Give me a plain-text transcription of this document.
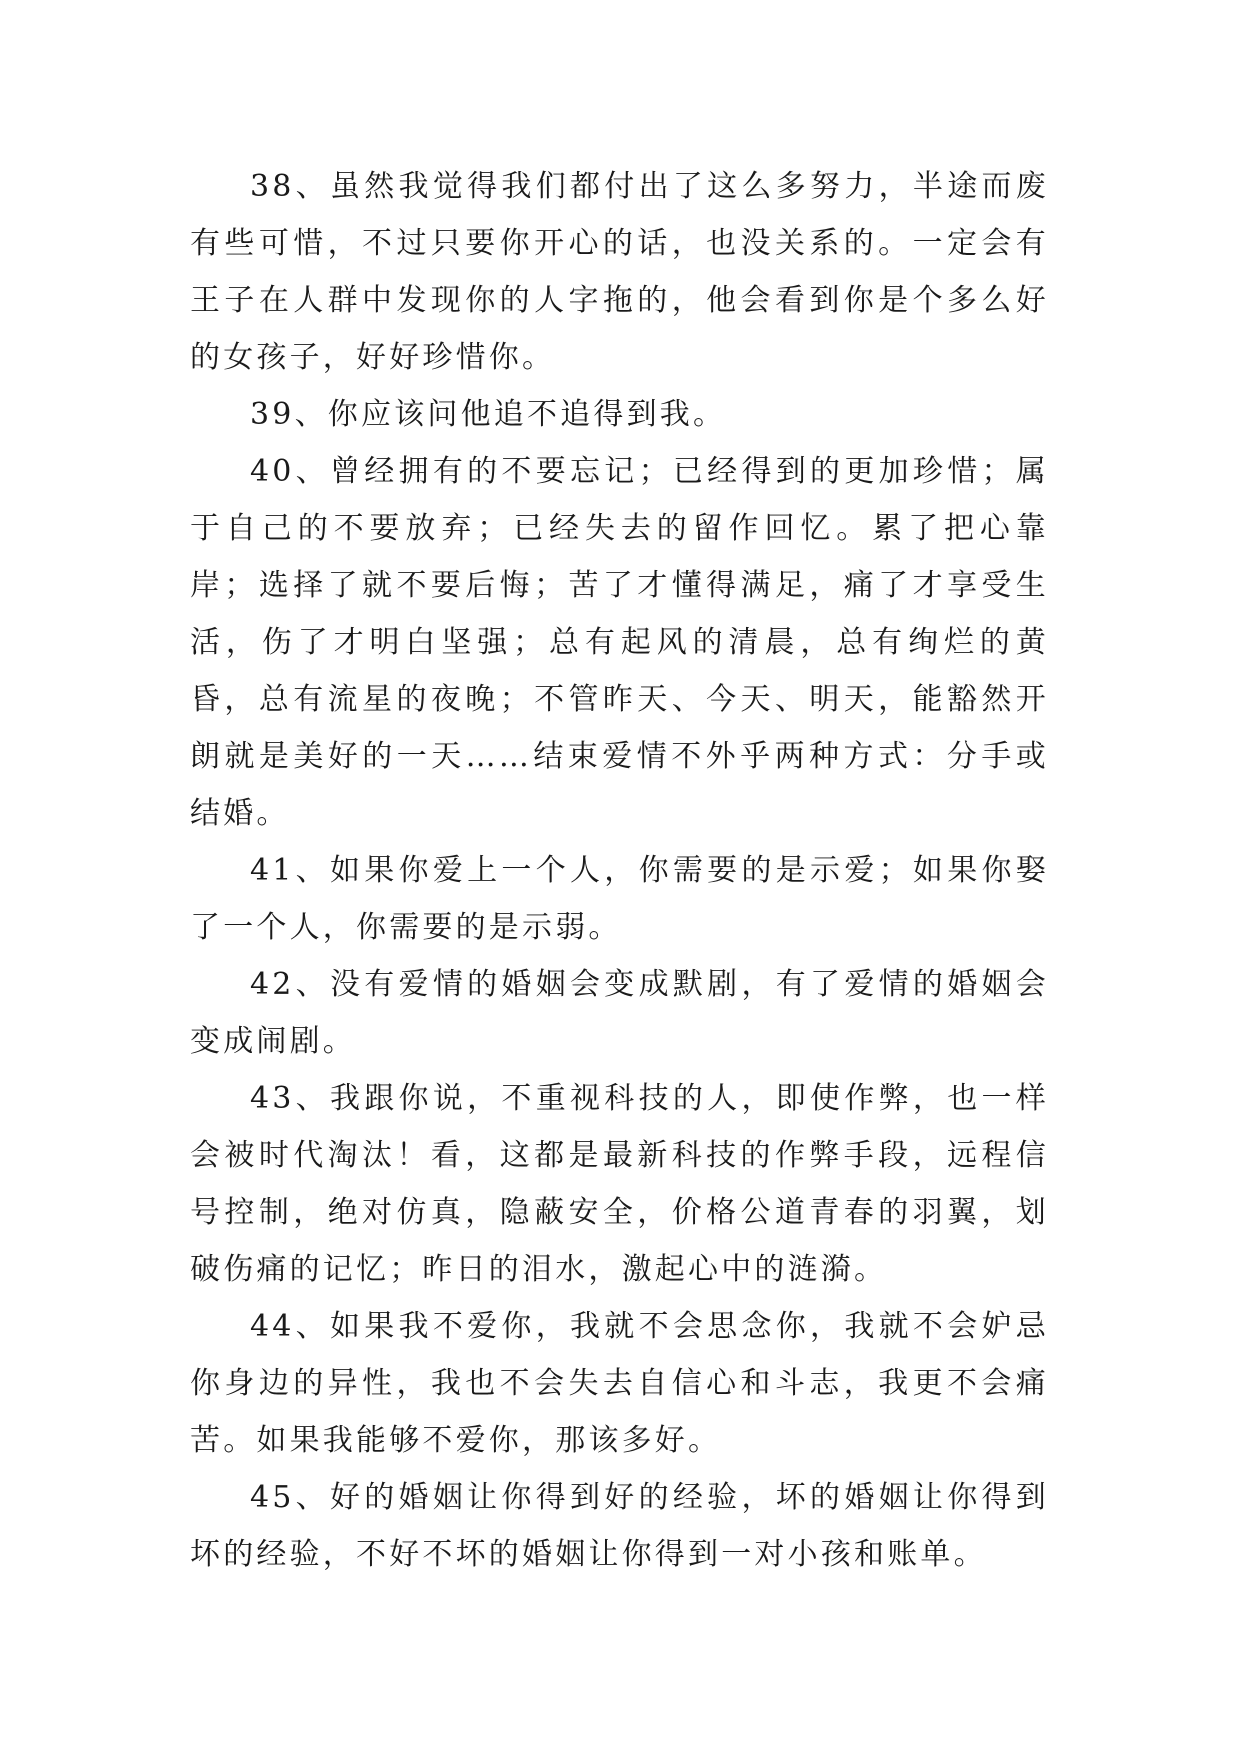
38、虽然我觉得我们都付出了这么多努力，半途而废有些可惜，不过只要你开心的话，也没关系的。一定会有王子在人群中发现你的人字拖的，他会看到你是个多么好的女孩子，好好珍惜你。

39、你应该问他追不追得到我。

40、曾经拥有的不要忘记；已经得到的更加珍惜；属于自己的不要放弃；已经失去的留作回忆。累了把心靠岸；选择了就不要后悔；苦了才懂得满足，痛了才享受生活，伤了才明白坚强；总有起风的清晨，总有绚烂的黄昏，总有流星的夜晚；不管昨天、今天、明天，能豁然开朗就是美好的一天……结束爱情不外乎两种方式：分手或结婚。

41、如果你爱上一个人，你需要的是示爱；如果你娶了一个人，你需要的是示弱。

42、没有爱情的婚姻会变成默剧，有了爱情的婚姻会变成闹剧。

43、我跟你说，不重视科技的人，即使作弊，也一样会被时代淘汰！看，这都是最新科技的作弊手段，远程信号控制，绝对仿真，隐蔽安全，价格公道青春的羽翼，划破伤痛的记忆；昨日的泪水，激起心中的涟漪。

44、如果我不爱你，我就不会思念你，我就不会妒忌你身边的异性，我也不会失去自信心和斗志，我更不会痛苦。如果我能够不爱你，那该多好。

45、好的婚姻让你得到好的经验，坏的婚姻让你得到坏的经验，不好不坏的婚姻让你得到一对小孩和账单。
